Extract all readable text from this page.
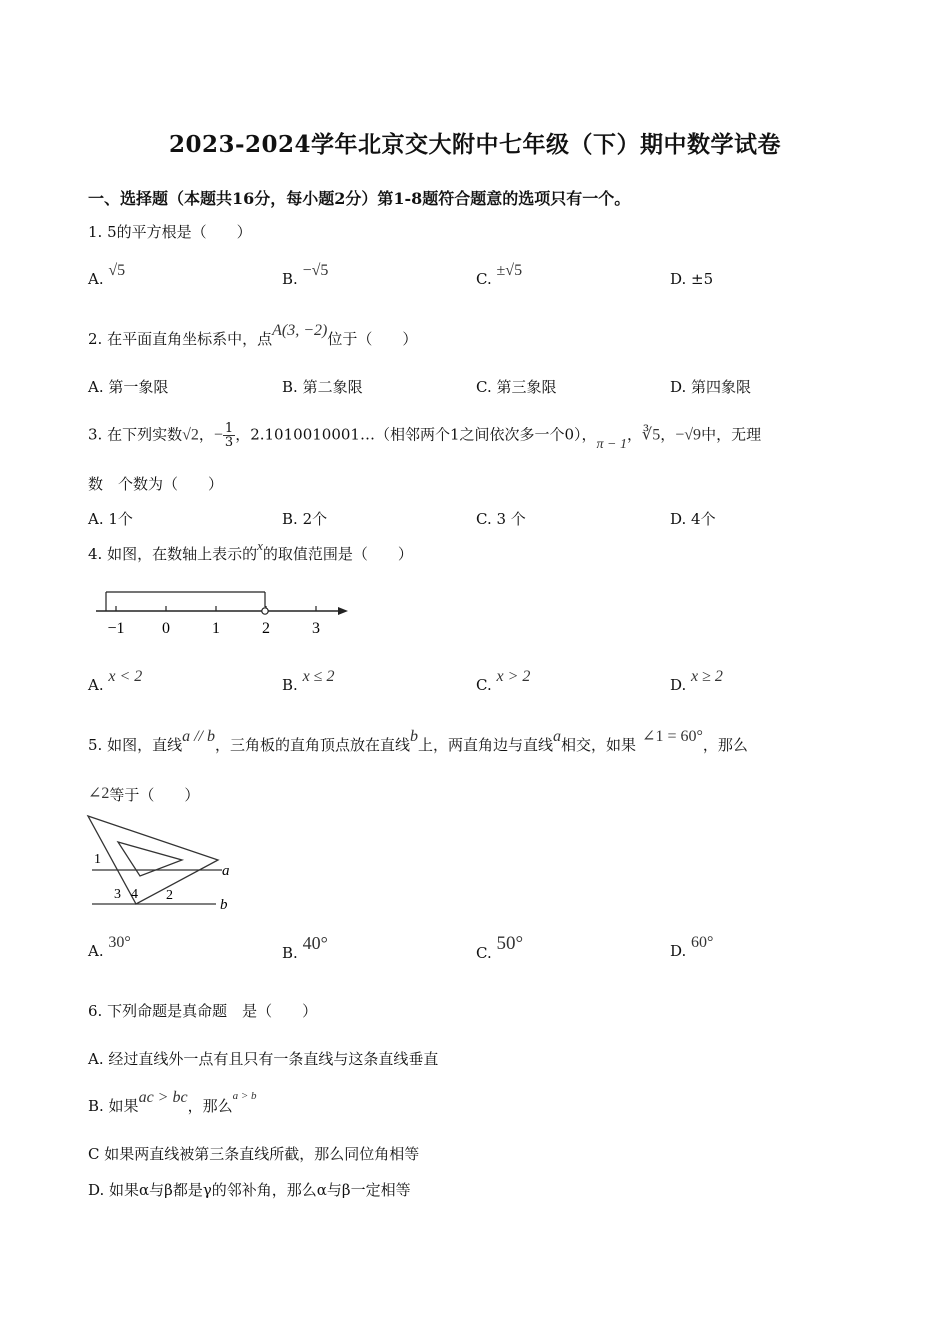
2023-2024学年北京交大附中七年级（下）期中数学试卷
一、选择题（本题共16分，每小题2分）第1-8题符合题意的选项只有一个。
1. 5的平方根是（　　）
A. √5	B. −√5	C. ±√5	D. ±5
2. 在平面直角坐标系中，点A(3, −2)位于（　　）
A. 第一象限	B. 第二象限	C. 第三象限	D. 第四象限
3. 在下列实数√2，− $\frac{1}{3}$ ，2.1010010001…（相邻两个1之间依次多一个0），π − 1，∛5，−√9中，无理
数　个数为（　　）
A. 1个	B. 2个	C. 3 个	D. 4个
4. 如图，在数轴上表示的x的取值范围是（　　）
−1 0	1	2	3
A. x < 2	B. x ≤ 2	C. x > 2	D. x ≥ 2
5. 如图，直线a // b，三角板的直角顶点放在直线b上，两直角边与直线a相交，如果 ∠1 = 60°，那么
∠2等于（　　）
1
3 4 2
a
b
A. 30°
B. 40°	C. 50°	D. 60°
6. 下列命题是真命题　是（　　）
A. 经过直线外一点有且只有一条直线与这条直线垂直
B. 如果ac > bc，那么$^{a > b}$
C 如果两直线被第三条直线所截，那么同位角相等
D. 如果α与β都是γ的邻补角，那么α与β一定相等
